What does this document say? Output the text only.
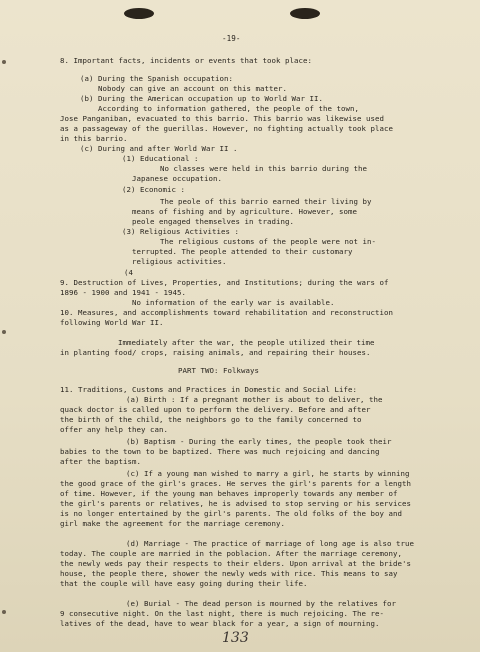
-19-
8. Important facts, incidents or events that took place:
(a) During the Spanish occupation:
Nobody can give an account on this matter.
(b) During the American occupation up to World War II.
According to information gathered, the people of the town,
Jose Panganiban, evacuated to this barrio. This barrio was likewise used
as a passageway of the guerillas. However, no fighting actually took place
in this barrio.
(c) During and after World War II .
(1) Educational :
No classes were held in this barrio during the
Japanese occupation.
(2) Economic :
The peole of this barrio earned their living by
means of fishing and by agriculture. However, some
peole engaged themselves in trading.
(3) Religious Activities :
The religious customs of the people were not in-
terrupted. The people attended to their customary
religious activities.
(4
9. Destruction of Lives, Properties, and Institutions; during the wars of
1896 - 1900 and 1941 - 1945.
No information of the early war is available.
10. Measures, and accomplishments toward rehabilitation and reconstruction
following World War II.
Immediately after the war, the people utilized their time
in planting food/ crops, raising animals, and repairing their houses.
PART TWO: Folkways
11. Traditions, Customs and Practices in Domestic and Social Life:
(a) Birth : If a pregnant mother is about to deliver, the
quack doctor is called upon to perform the delivery. Before and after
the birth of the child, the neighbors go to the family concerned to
offer any help they can.
(b) Baptism - During the early times, the people took their
babies to the town to be baptized. There was much rejoicing and dancing
after the baptism.
(c) If a young man wished to marry a girl, he starts by winning
the good grace of the girl's graces. He serves the girl's parents for a length
of time. However, if the young man behaves improperly towards any member of
the girl's parents or relatives, he is advised to stop serving or his services
is no longer entertained by the girl's parents. The old folks of the boy and
girl make the agreement for the marriage ceremony.
(d) Marriage - The practice of marriage of long age is also true
today. The couple are married in the poblacion. After the marriage ceremony,
the newly weds pay their respects to their elders. Upon arrival at the bride's
house, the people there, shower the newly weds with rice. This means to say
that the couple will have easy going during their life.
(e) Burial - The dead person is mourned by the relatives for
9 consecutive night. On the last night, there is much rejoicing. The re-
latives of the dead, have to wear black for a year, a sign of mourning.
133
